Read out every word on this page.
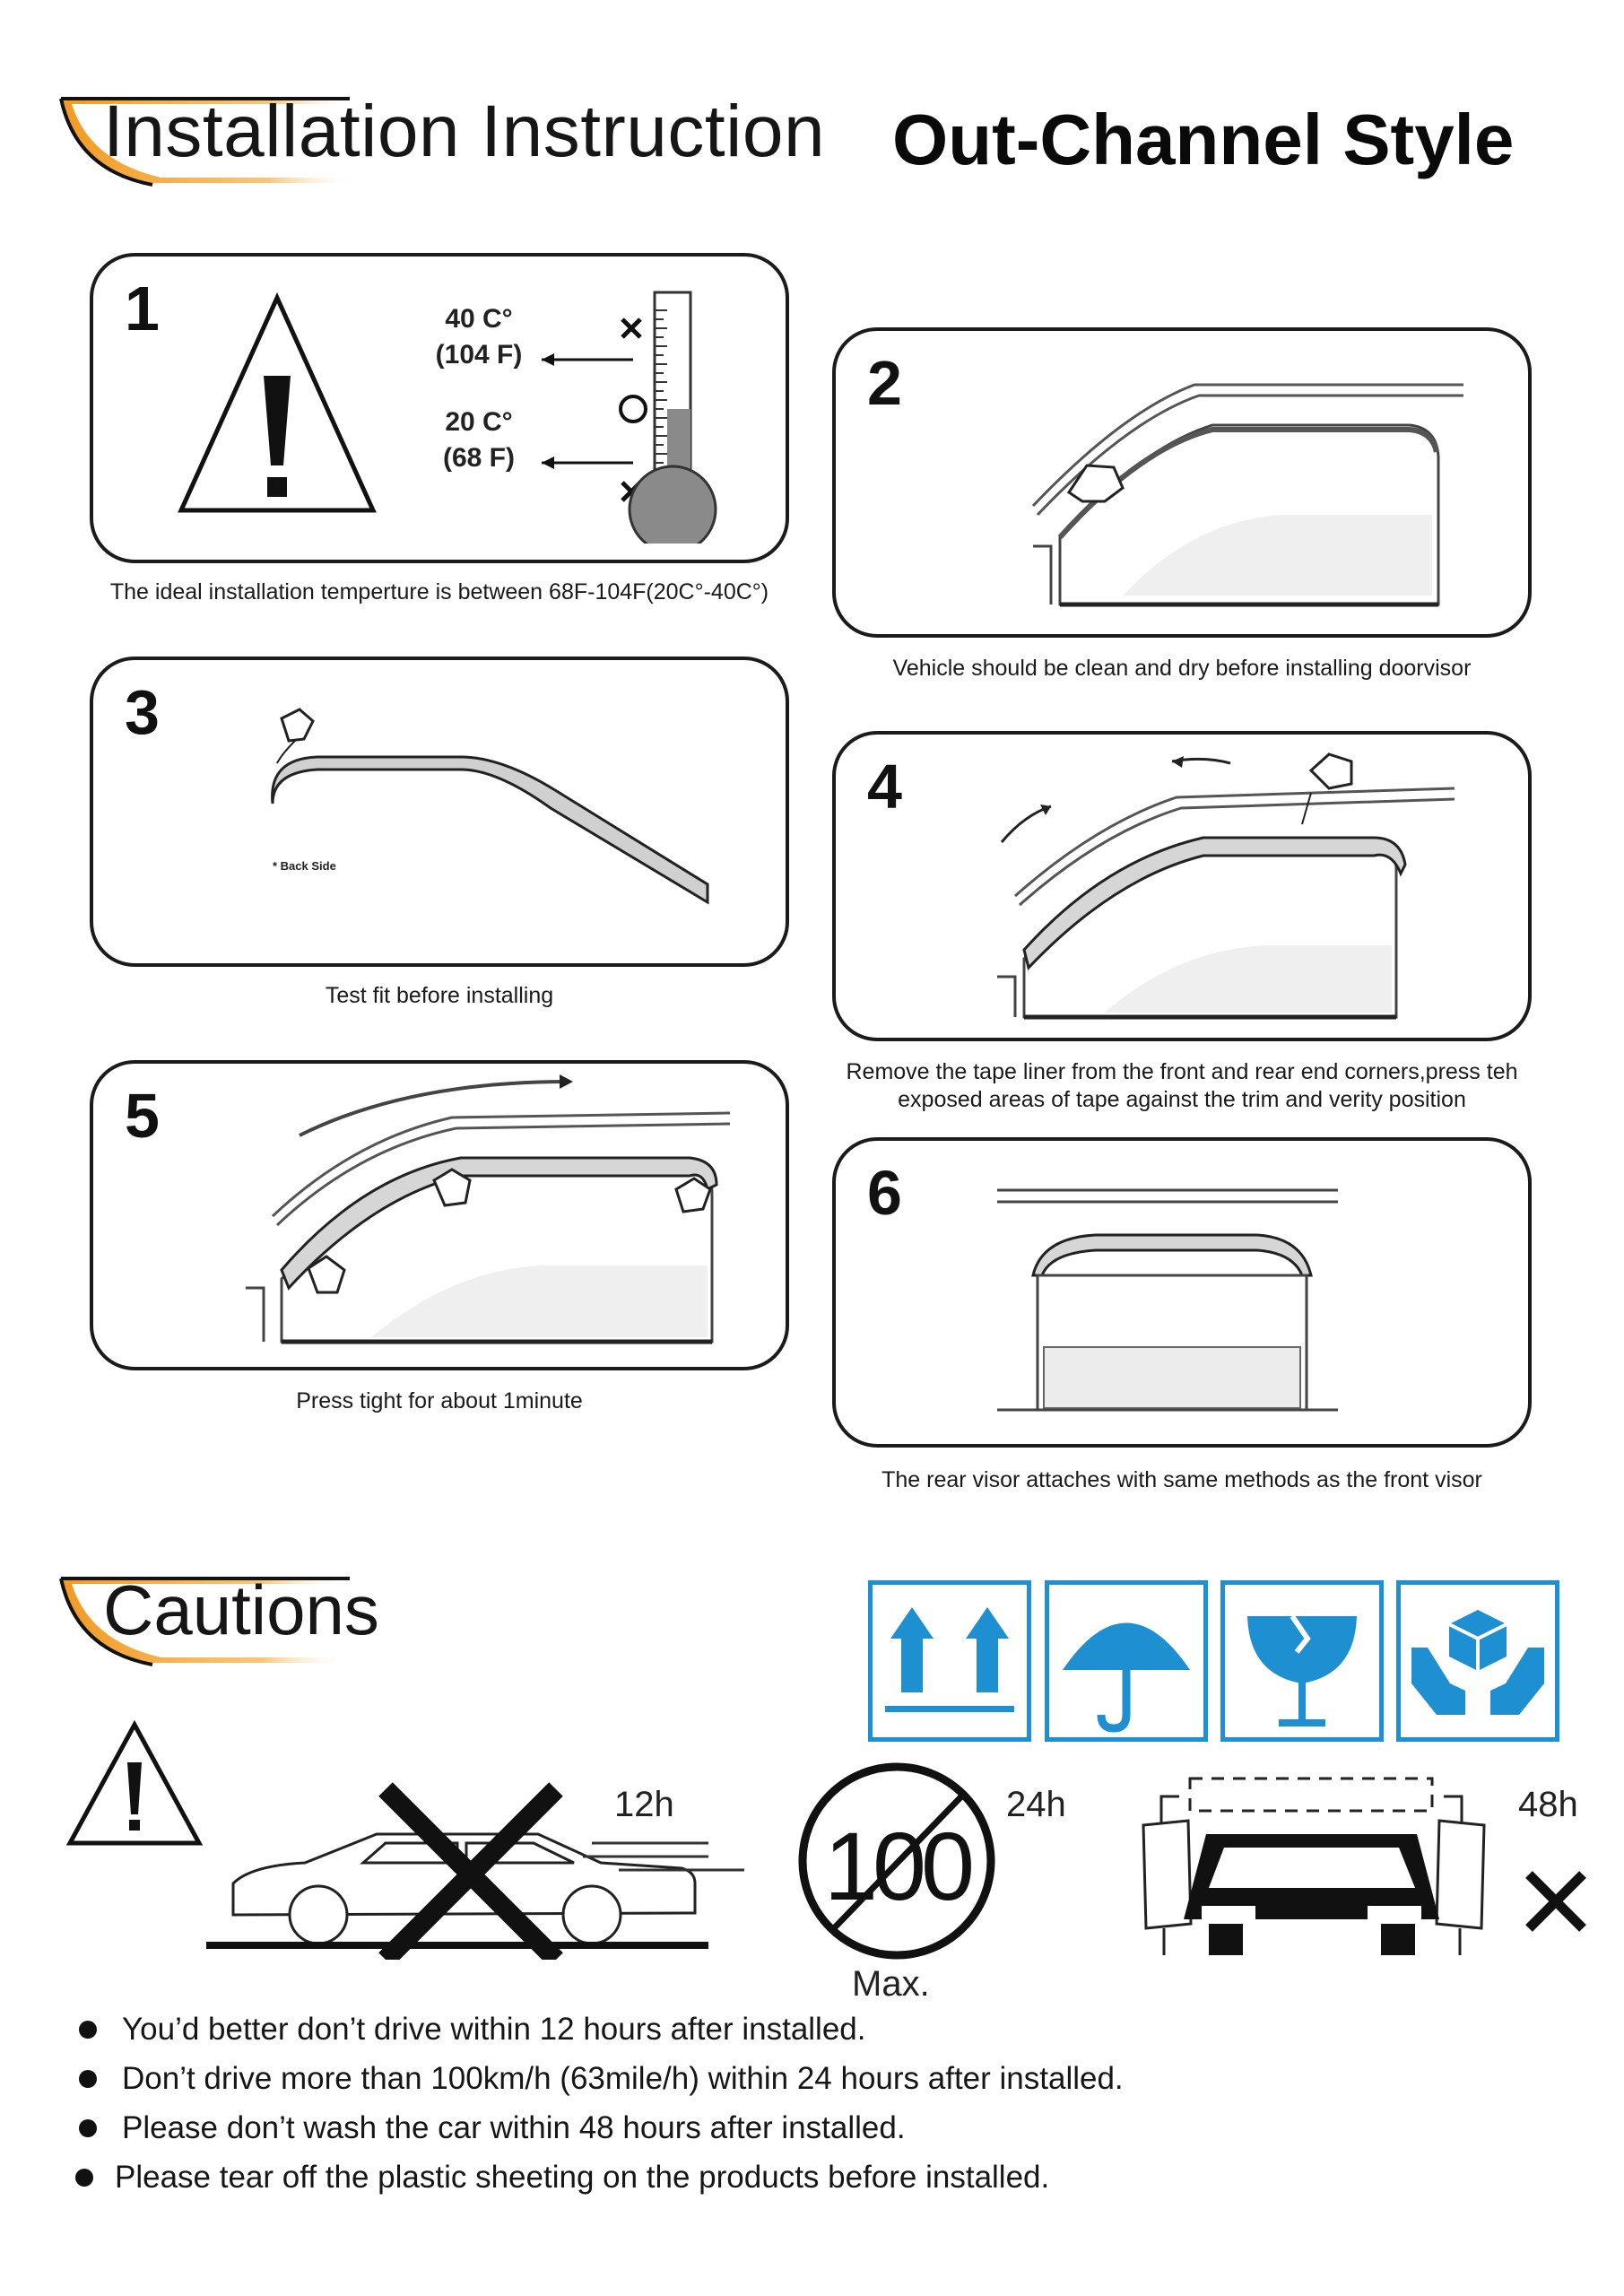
Installation Instruction Out-Channel Style
1	40 C°
(104 F)
20 C°
(68 F)
The ideal installation temperture is between 68F-104F(20C°-40C°)
2
Vehicle should be clean and dry before installing doorvisor
3
* Back Side
Test fit before installing
4
Remove the tape liner from the front and rear end corners,press teh
exposed areas of tape against the trim and verity position
5
Press tight for about 1minute
6
The rear visor attaches with same methods as the front visor
Cautions
12h
100
Max.
24h	48h
You’d better don’t drive within 12 hours after installed.
Don’t drive more than 100km/h (63mile/h) within 24 hours after installed.
Please don’t wash the car within 48 hours after installed.
Please tear off the plastic sheeting on the products before installed.
